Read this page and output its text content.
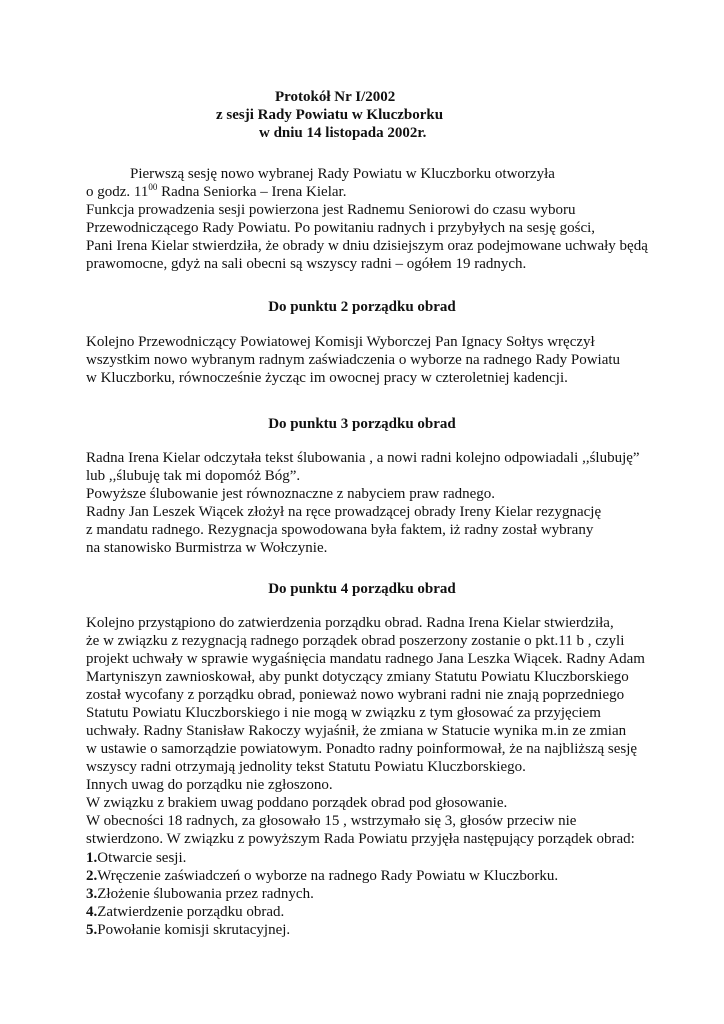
Protokół Nr I/2002
z sesji Rady Powiatu w Kluczborku
w dniu 14 listopada 2002r.
Pierwszą sesję nowo wybranej Rady Powiatu w Kluczborku otworzyła
o godz. $11^{00}$ Radna Seniorka – Irena Kielar.
Funkcja prowadzenia sesji powierzona jest Radnemu Seniorowi do czasu wyboru
Przewodniczącego Rady Powiatu. Po powitaniu radnych i przybyłych na sesję gości,
Pani Irena Kielar stwierdziła, że obrady w dniu dzisiejszym oraz podejmowane uchwały będą
prawomocne, gdyż na sali obecni są wszyscy radni – ogółem 19 radnych.
Do punktu 2 porządku obrad
Kolejno Przewodniczący Powiatowej Komisji Wyborczej Pan Ignacy Sołtys wręczył
wszystkim nowo wybranym radnym zaświadczenia o wyborze na radnego Rady Powiatu
w Kluczborku, równocześnie życząc im owocnej pracy w czteroletniej kadencji.
Do punktu 3 porządku obrad
Radna Irena Kielar odczytała tekst ślubowania , a nowi radni kolejno odpowiadali ,,ślubuję”
lub ,,ślubuję tak mi dopomóż Bóg”.
Powyższe ślubowanie jest równoznaczne z nabyciem praw radnego.
Radny Jan Leszek Wiącek złożył na ręce prowadzącej obrady Ireny Kielar rezygnację
z mandatu radnego. Rezygnacja spowodowana była faktem, iż radny został wybrany
na stanowisko Burmistrza w Wołczynie.
Do punktu 4 porządku obrad
Kolejno przystąpiono do zatwierdzenia porządku obrad. Radna Irena Kielar stwierdziła,
że w związku z rezygnacją radnego porządek obrad poszerzony zostanie o pkt.11 b , czyli
projekt uchwały w sprawie wygaśnięcia mandatu radnego Jana Leszka Wiącek. Radny Adam
Martyniszyn zawnioskował, aby punkt dotyczący zmiany Statutu Powiatu Kluczborskiego
został wycofany z porządku obrad, ponieważ nowo wybrani radni nie znają poprzedniego
Statutu Powiatu Kluczborskiego i nie mogą w związku z tym głosować za przyjęciem
uchwały. Radny Stanisław Rakoczy wyjaśnił, że zmiana w Statucie wynika m.in ze zmian
w ustawie o samorządzie powiatowym. Ponadto radny poinformował, że na najbliższą sesję
wszyscy radni otrzymają jednolity tekst Statutu Powiatu Kluczborskiego.
Innych uwag do porządku nie zgłoszono.
W związku z brakiem uwag poddano porządek obrad pod głosowanie.
W obecności 18 radnych, za głosowało 15 , wstrzymało się 3, głosów przeciw nie
stwierdzono. W związku z powyższym Rada Powiatu przyjęła następujący porządek obrad:
1.Otwarcie sesji.
2.Wręczenie zaświadczeń o wyborze na radnego Rady Powiatu w Kluczborku.
3.Złożenie ślubowania przez radnych.
4.Zatwierdzenie porządku obrad.
5.Powołanie komisji skrutacyjnej.
